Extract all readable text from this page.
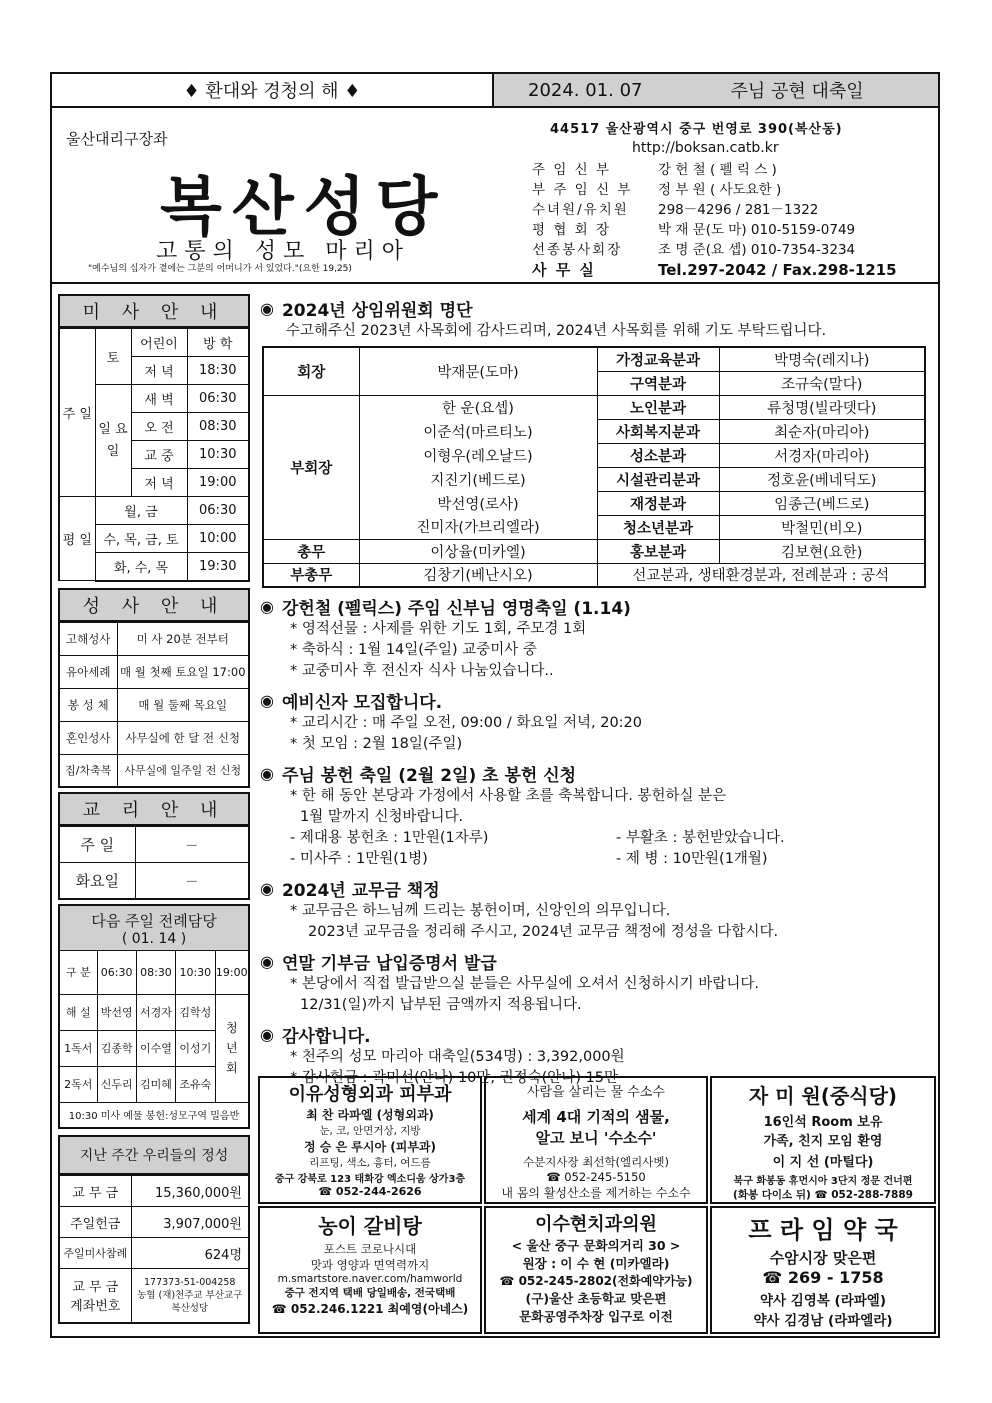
♦ 환대와 경청의 해 ♦	2024. 01. 07	주님 공현 대축일
울산대리구장좌
복산성당
고통의 성모 마리아
"예수님의 십자가 곁에는 그분의 어머니가 서 있었다."(요한 19,25)
44517 울산광역시 중구 번영로 390(복산동)
http://boksan.catb.kr
주 임 신 부	강 헌 철 ( 펠 릭 스 )
부 주 임 신 부	정 부 원 ( 사도요한 )
수녀원/유치원	298－4296 / 281－1322
평 협 회 장	박 재 문(도 마) 010-5159-0749
선종봉사회장	조 명 준(요 셉) 010-7354-3234
사 무 실	Tel.297-2042 / Fax.298-1215
미 사 안 내
주 일	토	어린이	방 학
		저 녁	18:30
	일 요 일	새 벽	06:30
		오 전	08:30
		교 중	10:30
		저 녁	19:00
평 일	월, 금		06:30
	수, 목, 금, 토		10:00
	화, 수, 목		19:30
성 사 안 내
고해성사	미 사 20분 전부터
유아세례	매 월 첫째 토요일 17:00
봉 성 체	매 월 둘째 목요일
혼인성사	사무실에 한 달 전 신청
집/차축복	사무실에 일주일 전 신청
교 리 안 내
주 일	－
화요일	－
다음 주일 전례담당
( 01. 14 )
구 분	06:30	08:30	10:30	19:00
해 설	박선영	서경자	김학성	청 년 회
1독서	김종학	이수열	이성기	
2독서	신두리	김미혜	조유숙	
10:30 미사 예물 봉헌:성모구역 밀음반				
지난 주간 우리들의 정성
교 무 금	15,360,000원
주일헌금	3,907,000원
주일미사참례	624명
교 무 금 계좌번호	177373-51-004258
농협 (재)천주교 부산교구 복산성당
◉ 2024년 상임위원회 명단
수고해주신 2023년 사목회에 감사드리며, 2024년 사목회를 위해 기도 부탁드립니다.
회장	박재문(도마)	가정교육분과	박명숙(레지나)
		구역분과	조규숙(말다)
부회장	한 운(요셉)	노인분과	류청명(빌라뎃다)
	이준석(마르티노)	사회복지분과	최순자(마리아)
	이형우(레오날드)	성소분과	서경자(마리아)
	지진기(베드로)	시설관리분과	정호윤(베네딕도)
	박선영(로사)	재정분과	임종근(베드로)
	진미자(가브리엘라)	청소년분과	박철민(비오)
총무	이상율(미카엘)	홍보분과	김보현(요한)
부총무	김창기(베난시오)	선교분과, 생태환경분과, 전례분과 : 공석	
◉ 강헌철 (펠릭스) 주임 신부님 영명축일 (1.14)
* 영적선물 : 사제를 위한 기도 1회, 주모경 1회
* 축하식 : 1월 14일(주일) 교중미사 중
* 교중미사 후 전신자 식사 나눔있습니다..
◉ 예비신자 모집합니다.
* 교리시간 : 매 주일 오전, 09:00 / 화요일 저녁, 20:20
* 첫 모임 : 2월 18일(주일)
◉ 주님 봉헌 축일 (2월 2일) 초 봉헌 신청
* 한 해 동안 본당과 가정에서 사용할 초를 축복합니다. 봉헌하실 분은
1월 말까지 신청바랍니다.
- 제대용 봉헌초 : 1만원(1자루)	- 부활초 : 봉헌받았습니다.
- 미사주 : 1만원(1병)	- 제 병 : 10만원(1개월)
◉ 2024년 교무금 책정
* 교무금은 하느님께 드리는 봉헌이며, 신앙인의 의무입니다.
2023년 교무금을 정리해 주시고, 2024년 교무금 책정에 정성을 다합시다.
◉ 연말 기부금 납입증명서 발급
* 본당에서 직접 발급받으실 분들은 사무실에 오셔서 신청하시기 바랍니다.
12/31(일)까지 납부된 금액까지 적용됩니다.
◉ 감사합니다.
* 천주의 성모 마리아 대축일(534명) : 3,392,000원
* 감사헌금 : 곽미선(안나) 10만, 권정숙(안나) 15만
이유성형외과 피부과
최 찬 라파엘 (성형외과)
눈, 코, 안면거상, 지방
정 승 은 루시아 (피부과)
리프팅, 색소, 흉터, 여드름
중구 강북로 123 태화강 엑소디움 상가3층
☎ 052-244-2626
사람을 살리는 물 수소수
세계 4대 기적의 샘물,
알고 보니 '수소수'
수분지사장 최선학(엘리사벳)
☎ 052-245-5150
내 몸의 활성산소를 제거하는 수소수
자 미 원(중식당)
16인석 Room 보유
가족, 친지 모임 환영
이 지 선 (마틸다)
북구 화봉동 휴먼시아 3단지 정문 건너편
(화봉 다이소 뒤) ☎ 052-288-7889
농이 갈비탕
포스트 코로나시대
맛과 영양과 면역력까지
m.smartstore.naver.com/hamworld
중구 전지역 택배 당일배송, 전국택배
☎ 052.246.1221 최예영(아네스)
이수현치과의원
< 울산 중구 문화의거리 30 >
원장 : 이 수 현 (미카엘라)
☎ 052-245-2802(전화예약가능)
(구)울산 초등학교 맞은편
문화공영주차장 입구로 이전
프 라 임 약 국
수암시장 맞은편
☎ 269 - 1758
약사 김영복 (라파엘)
약사 김경남 (라파엘라)
